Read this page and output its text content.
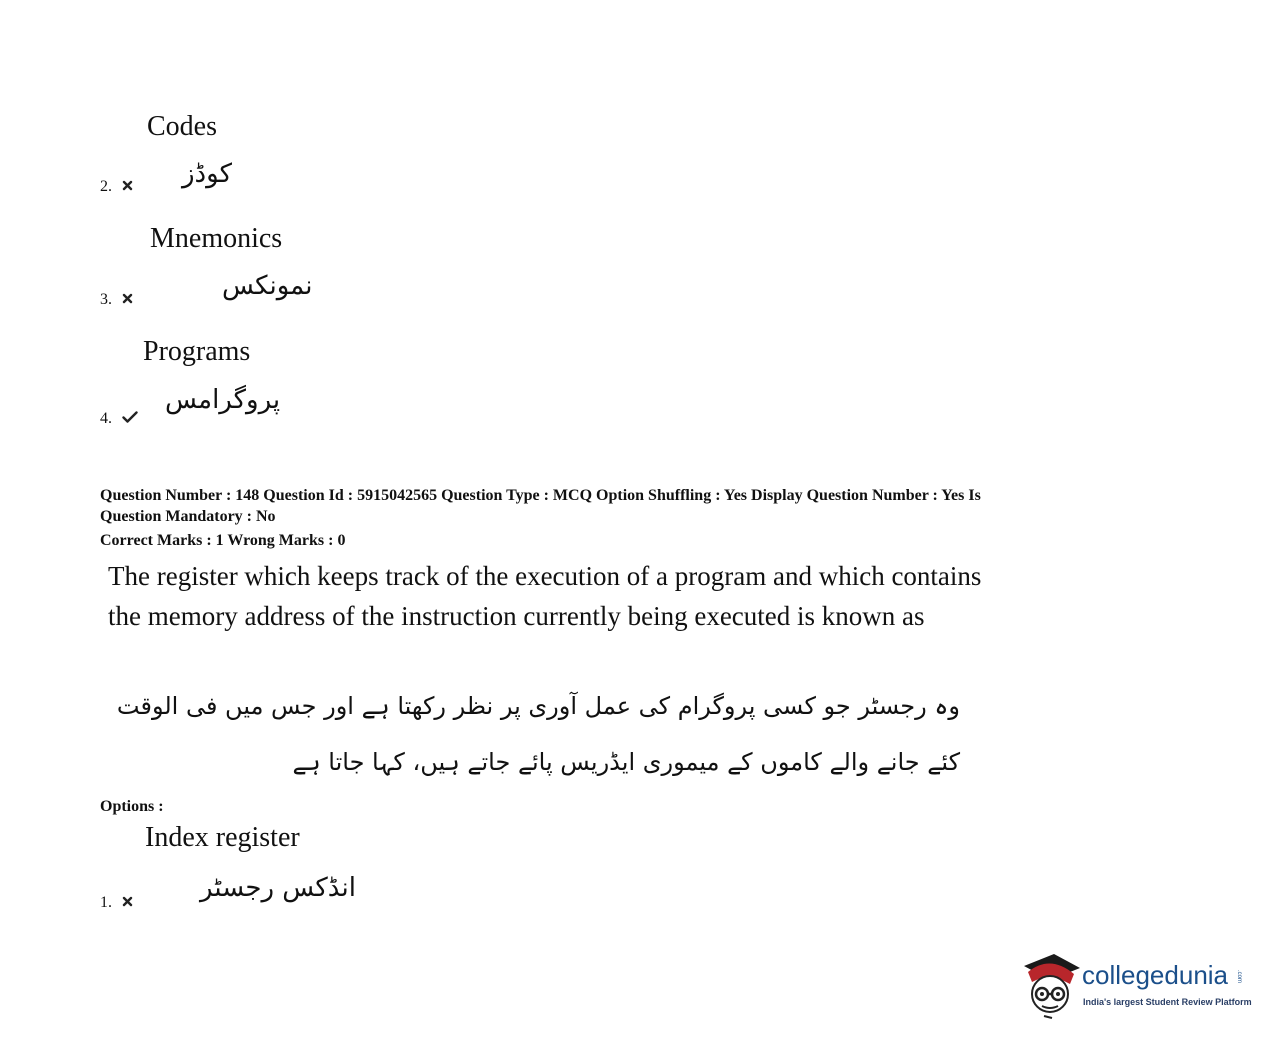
Codes
کوڈز
2.
Mnemonics
نمونکس
3.
Programs
پروگرامس
4.
Question Number : 148 Question Id : 5915042565 Question Type : MCQ Option Shuffling : Yes Display Question Number : Yes Is
Question Mandatory : No
Correct Marks : 1 Wrong Marks : 0
The register which keeps track of the execution of a program and which contains the memory address of the instruction currently being executed is known as
وہ رجسٹر جو کسی پروگرام کی عمل آوری پر نظر رکھتا ہے اور جس میں فی الوقت کئے جانے والے کاموں کے میموری ایڈریس پائے جاتے ہیں، کہا جاتا ہے
Options :
Index register
انڈکس رجسٹر
1.
collegedunia .com
India's largest Student Review Platform
